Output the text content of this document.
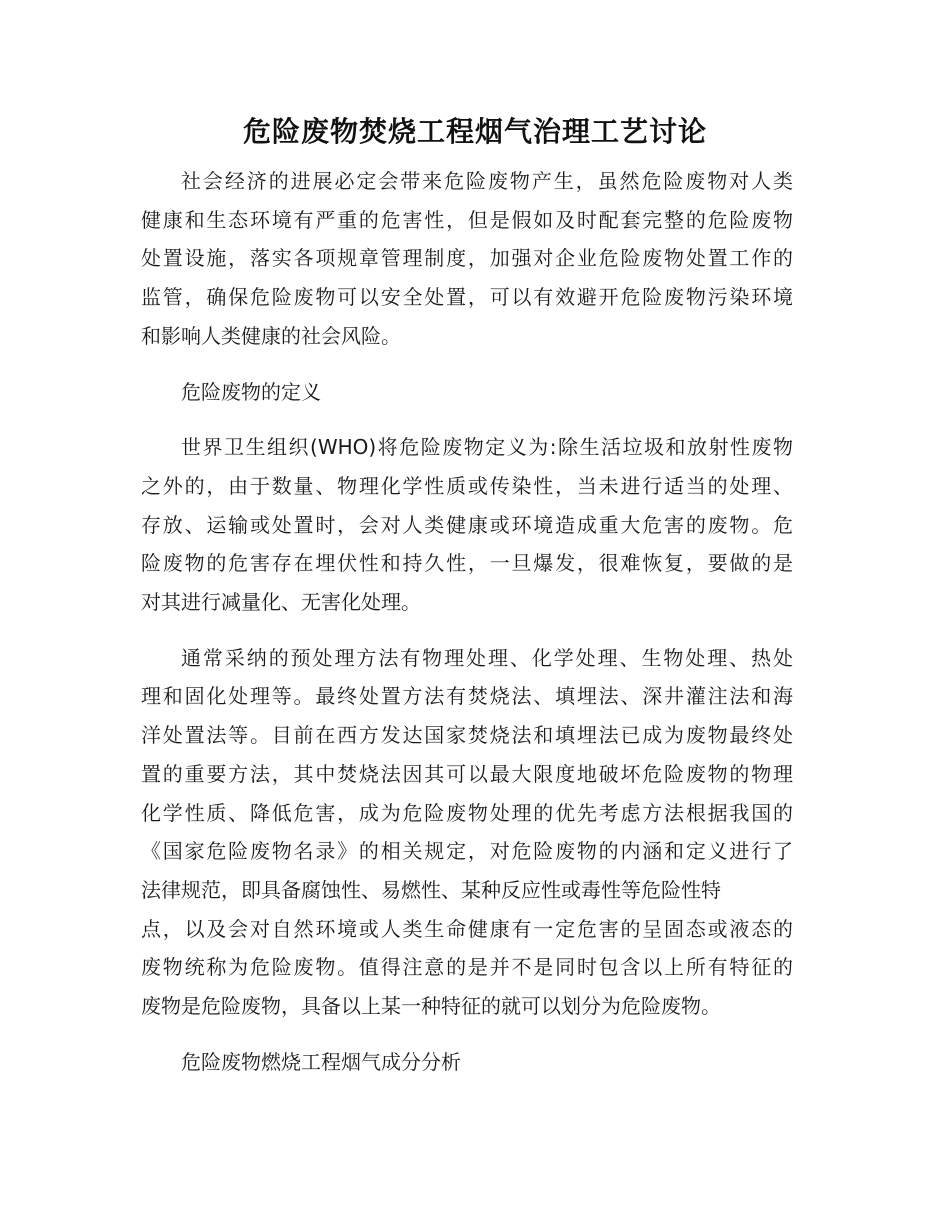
危险废物焚烧工程烟气治理工艺讨论

社会经济的进展必定会带来危险废物产生，虽然危险废物对人类
健康和生态环境有严重的危害性，但是假如及时配套完整的危险废物
处置设施，落实各项规章管理制度，加强对企业危险废物处置工作的
监管，确保危险废物可以安全处置，可以有效避开危险废物污染环境
和影响人类健康的社会风险。

危险废物的定义

世界卫生组织(WHO)将危险废物定义为:除生活垃圾和放射性废物
之外的，由于数量、物理化学性质或传染性，当未进行适当的处理、
存放、运输或处置时，会对人类健康或环境造成重大危害的废物。危
险废物的危害存在埋伏性和持久性，一旦爆发，很难恢复，要做的是
对其进行减量化、无害化处理。

通常采纳的预处理方法有物理处理、化学处理、生物处理、热处
理和固化处理等。最终处置方法有焚烧法、填埋法、深井灌注法和海
洋处置法等。目前在西方发达国家焚烧法和填埋法已成为废物最终处
置的重要方法，其中焚烧法因其可以最大限度地破坏危险废物的物理
化学性质、降低危害，成为危险废物处理的优先考虑方法根据我国的
《国家危险废物名录》的相关规定，对危险废物的内涵和定义进行了
法律规范，即具备腐蚀性、易燃性、某种反应性或毒性等危险性特
点，以及会对自然环境或人类生命健康有一定危害的呈固态或液态的
废物统称为危险废物。值得注意的是并不是同时包含以上所有特征的
废物是危险废物，具备以上某一种特征的就可以划分为危险废物。

危险废物燃烧工程烟气成分分析
